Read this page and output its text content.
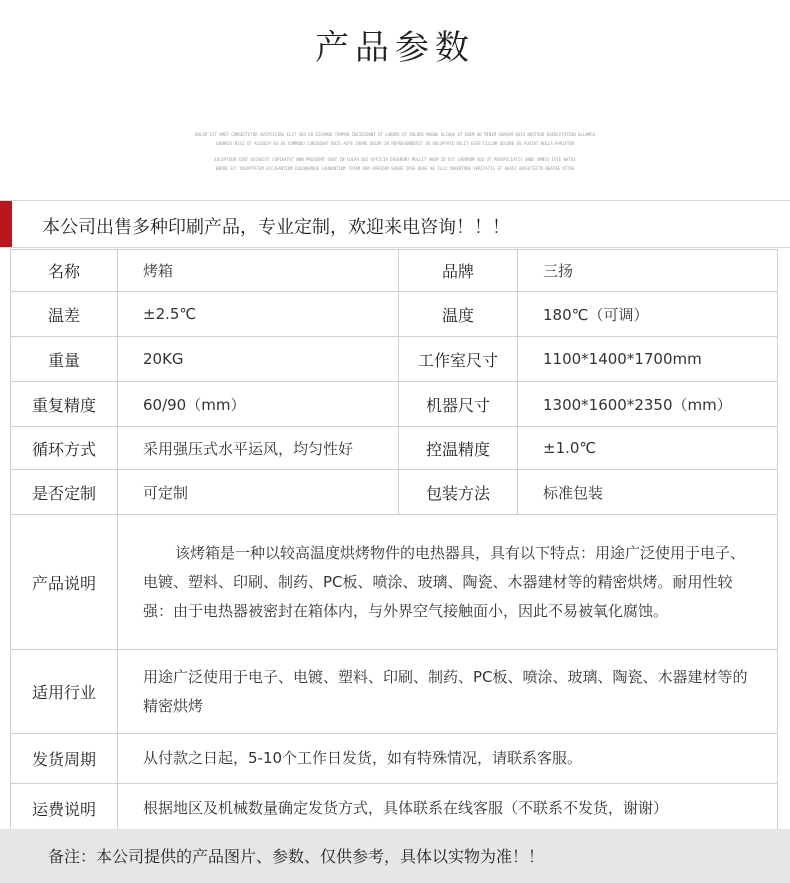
产品参数
DOLOR SIT AMET CONSECTETUR ADIPISCING ELIT SED DO EIUSMOD TEMPOR INCIDIDUNT UT LABORE ET DOLORE MAGNA ALIQUA UT ENIM AD MINIM VENIAM QUIS NOSTRUD EXERCITATION ULLAMCO
LABORIS NISI UT ALIQUIP EX EA COMMODO CONSEQUAT DUIS AUTE IRURE DOLOR IN REPREHENDERIT IN VOLUPTATE VELIT ESSE CILLUM DOLORE EU FUGIAT NULLA PARIATUR
EXCEPTEUR SINT OCCAECAT CUPIDATAT NON PROIDENT SUNT IN CULPA QUI OFFICIA DESERUNT MOLLIT ANIM ID EST LABORUM SED UT PERSPICIATIS UNDE OMNIS ISTE NATUS
ERROR SIT VOLUPTATEM ACCUSANTIUM DOLOREMQUE LAUDANTIUM TOTAM REM APERIAM EAQUE IPSA QUAE AB ILLO INVENTORE VERITATIS ET QUASI ARCHITECTO BEATAE VITAE
本公司出售多种印刷产品，专业定制，欢迎来电咨询！！！
名称	烤箱	品牌	三扬
温差	±2.5℃	温度	180℃（可调）
重量	20KG	工作室尺寸	1100*1400*1700mm
重复精度	60/90（mm）	机器尺寸	1300*1600*2350（mm）
循环方式	采用强压式水平运风，均匀性好	控温精度	±1.0℃
是否定制	可定制	包装方法	标准包装
产品说明	该烤箱是一种以较高温度烘烤物件的电热器具，具有以下特点：用途广泛使用于电子、电镀、塑料、印刷、制药、PC板、喷涂、玻璃、陶瓷、木器建材等的精密烘烤。耐用性较强：由于电热器被密封在箱体内，与外界空气接触面小，因此不易被氧化腐蚀。		
适用行业	用途广泛使用于电子、电镀、塑料、印刷、制药、PC板、喷涂、玻璃、陶瓷、木器建材等的精密烘烤		
发货周期	从付款之日起，5-10个工作日发货，如有特殊情况，请联系客服。		
运费说明	根据地区及机械数量确定发货方式，具体联系在线客服（不联系不发货，谢谢）		
备注：本公司提供的产品图片、参数、仅供参考，具体以实物为准！！
